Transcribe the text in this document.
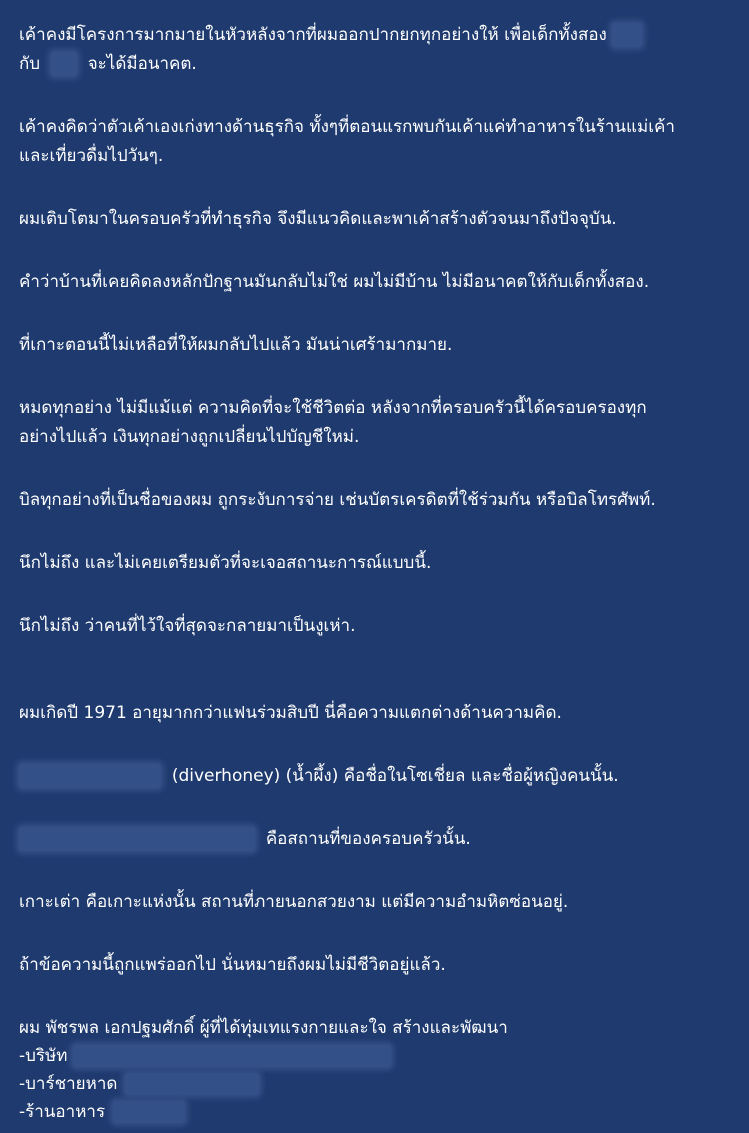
เค้าคงมีโครงการมากมายในหัวหลังจากที่ผมออกปากยกทุกอย่างให้ เพื่อเด็กทั้งสอง
กับ	จะได้มีอนาคต.

เค้าคงคิดว่าตัวเค้าเองเก่งทางด้านธุรกิจ ทั้งๆที่ตอนแรกพบกันเค้าแค่ทำอาหารในร้านแม่เค้า
และเที่ยวดื่มไปวันๆ.

ผมเติบโตมาในครอบครัวที่ทำธุรกิจ จึงมีแนวคิดและพาเค้าสร้างตัวจนมาถึงปัจจุบัน.

คำว่าบ้านที่เคยคิดลงหลักปักฐานมันกลับไม่ใช่ ผมไม่มีบ้าน ไม่มีอนาคตให้กับเด็กทั้งสอง.

ที่เกาะตอนนี้ไม่เหลือที่ให้ผมกลับไปแล้ว มันน่าเศร้ามากมาย.

หมดทุกอย่าง ไม่มีแม้แต่ ความคิดที่จะใช้ชีวิตต่อ หลังจากที่ครอบครัวนี้ได้ครอบครองทุก
อย่างไปแล้ว เงินทุกอย่างถูกเปลี่ยนไปบัญชีใหม่.

บิลทุกอย่างที่เป็นชื่อของผม ถูกระงับการจ่าย เช่นบัตรเครดิตที่ใช้ร่วมกัน หรือบิลโทรศัพท์.

นึกไม่ถึง และไม่เคยเตรียมตัวที่จะเจอสถานะการณ์แบบนี้.

นึกไม่ถึง ว่าคนที่ไว้ใจที่สุดจะกลายมาเป็นงูเห่า.

ผมเกิดปี 1971 อายุมากกว่าแฟนร่วมสิบปี นี่คือความแตกต่างด้านความคิด.

(diverhoney) (น้ำผึ้ง) คือชื่อในโซเชี่ยล และชื่อผู้หญิงคนนั้น.

คือสถานที่ของครอบครัวนั้น.

เกาะเต่า คือเกาะแห่งนั้น สถานที่ภายนอกสวยงาม แต่มีความอำมหิตซ่อนอยู่.

ถ้าข้อความนี้ถูกแพร่ออกไป นั่นหมายถึงผมไม่มีชีวิตอยู่แล้ว.

ผม พัชรพล เอกปฐมศักดิ์ ผู้ที่ได้ทุ่มเทแรงกายและใจ สร้างและพัฒนา
-บริษัท
-บาร์ชายหาด
-ร้านอาหาร
